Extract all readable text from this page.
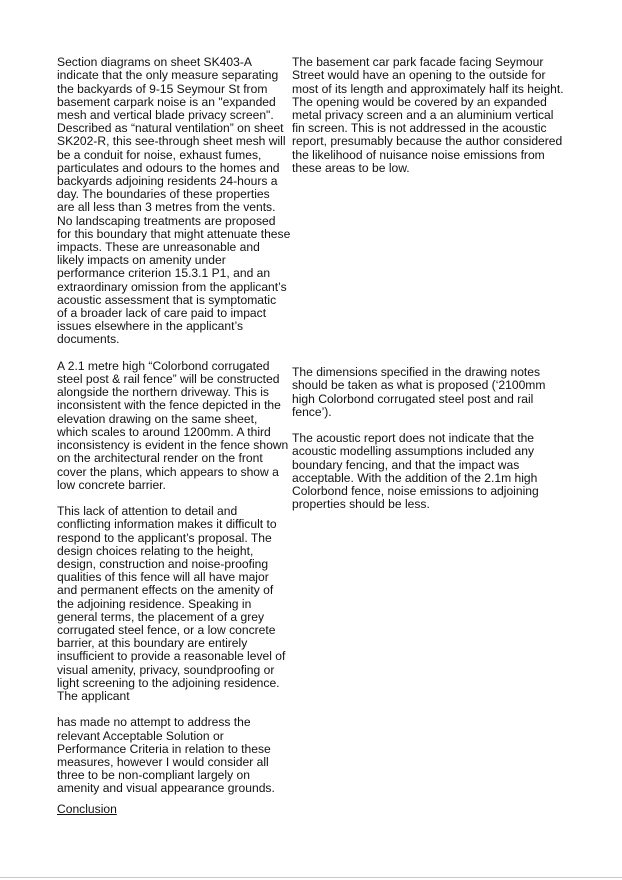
Section diagrams on sheet SK403-A
indicate that the only measure separating
the backyards of 9-15 Seymour St from
basement carpark noise is an "expanded
mesh and vertical blade privacy screen".
Described as “natural ventilation” on sheet
SK202-R, this see-through sheet mesh will
be a conduit for noise, exhaust fumes,
particulates and odours to the homes and
backyards adjoining residents 24-hours a
day. The boundaries of these properties
are all less than 3 metres from the vents.
No landscaping treatments are proposed
for this boundary that might attenuate these
impacts. These are unreasonable and
likely impacts on amenity under
performance criterion 15.3.1 P1, and an
extraordinary omission from the applicant’s
acoustic assessment that is symptomatic
of a broader lack of care paid to impact
issues elsewhere in the applicant’s
documents.

A 2.1 metre high “Colorbond corrugated
steel post & rail fence” will be constructed
alongside the northern driveway. This is
inconsistent with the fence depicted in the
elevation drawing on the same sheet,
which scales to around 1200mm. A third
inconsistency is evident in the fence shown
on the architectural render on the front
cover the plans, which appears to show a
low concrete barrier.

This lack of attention to detail and
conflicting information makes it difficult to
respond to the applicant’s proposal. The
design choices relating to the height,
design, construction and noise-proofing
qualities of this fence will all have major
and permanent effects on the amenity of
the adjoining residence. Speaking in
general terms, the placement of a grey
corrugated steel fence, or a low concrete
barrier, at this boundary are entirely
insufficient to provide a reasonable level of
visual amenity, privacy, soundproofing or
light screening to the adjoining residence.
The applicant

has made no attempt to address the
relevant Acceptable Solution or
Performance Criteria in relation to these
measures, however I would consider all
three to be non-compliant largely on
amenity and visual appearance grounds.

The basement car park facade facing Seymour
Street would have an opening to the outside for
most of its length and approximately half its height.
The opening would be covered by an expanded
metal privacy screen and a an aluminium vertical
fin screen. This is not addressed in the acoustic
report, presumably because the author considered
the likelihood of nuisance noise emissions from
these areas to be low.

The dimensions specified in the drawing notes
should be taken as what is proposed (‘2100mm
high Colorbond corrugated steel post and rail
fence’).

The acoustic report does not indicate that the
acoustic modelling assumptions included any
boundary fencing, and that the impact was
acceptable. With the addition of the 2.1m high
Colorbond fence, noise emissions to adjoining
properties should be less.

Conclusion
